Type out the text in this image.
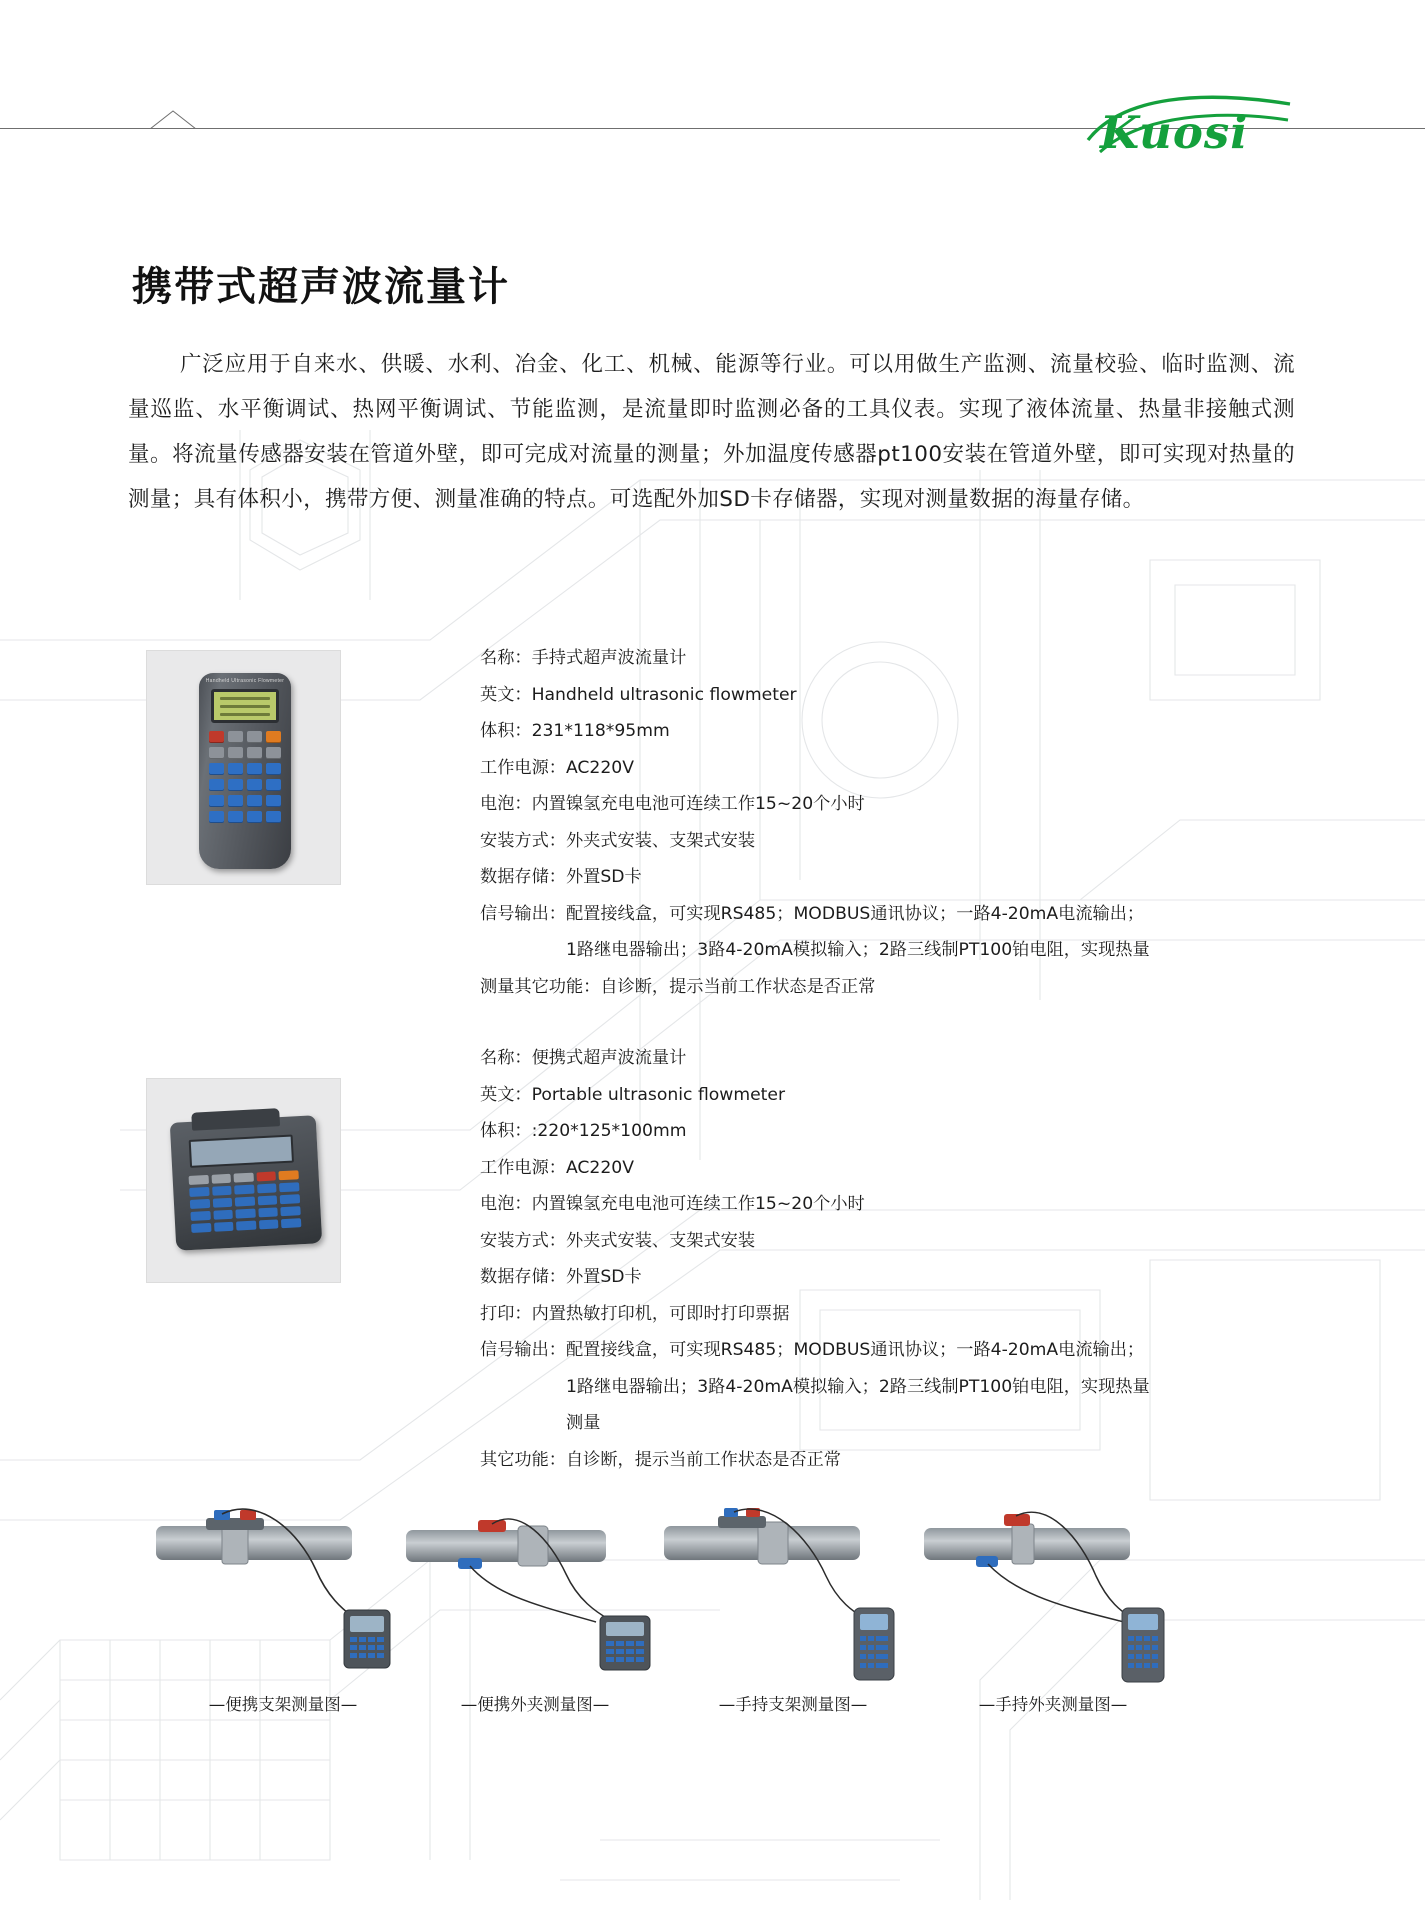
Kuosi
携带式超声波流量计

广泛应用于自来水、供暖、水利、冶金、化工、机械、能源等行业。可以用做生产监测、流量校验、临时监测、流量巡监、水平衡调试、热网平衡调试、节能监测，是流量即时监测必备的工具仪表。实现了液体流量、热量非接触式测量。将流量传感器安装在管道外壁，即可完成对流量的测量；外加温度传感器pt100安装在管道外壁，即可实现对热量的测量；具有体积小，携带方便、测量准确的特点。可选配外加SD卡存储器，实现对测量数据的海量存储。

Handheld Ultrasonic Flowmeter
名称：手持式超声波流量计
英文：Handheld ultrasonic flowmeter
体积：231*118*95mm
工作电源：AC220V
电泡：内置镍氢充电电池可连续工作15~20个小时
安装方式：外夹式安装、支架式安装
数据存储：外置SD卡
信号输出：配置接线盒，可实现RS485；MODBUS通讯协议；一路4-20mA电流输出；
1路继电器输出；3路4-20mA模拟输入；2路三线制PT100铂电阻，实现热量
测量其它功能：自诊断，提示当前工作状态是否正常
名称：便携式超声波流量计
英文：Portable ultrasonic flowmeter
体积：:220*125*100mm
工作电源：AC220V
电泡：内置镍氢充电电池可连续工作15~20个小时
安装方式：外夹式安装、支架式安装
数据存储：外置SD卡
打印：内置热敏打印机，可即时打印票据
信号输出：配置接线盒，可实现RS485；MODBUS通讯协议；一路4-20mA电流输出；
1路继电器输出；3路4-20mA模拟输入；2路三线制PT100铂电阻，实现热量
测量
其它功能：自诊断，提示当前工作状态是否正常
—便携支架测量图—	—便携外夹测量图—	—手持支架测量图—	—手持外夹测量图—
